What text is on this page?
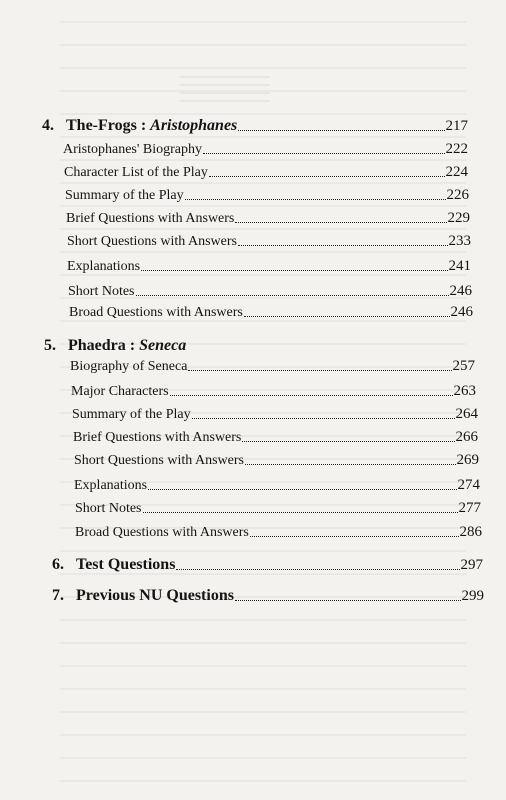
4. The-Frogs : Aristophanes	217
Aristophanes' Biography	222
Character List of the Play	224
Summary of the Play	226
Brief Questions with Answers	229
Short Questions with Answers	233
Explanations	241
Short Notes	246
Broad Questions with Answers	246
5. Phaedra : Seneca
Biography of Seneca	257
Major Characters	263
Summary of the Play	264
Brief Questions with Answers	266
Short Questions with Answers	269
Explanations	274
Short Notes	277
Broad Questions with Answers	286
6. Test Questions	297
7. Previous NU Questions	299
